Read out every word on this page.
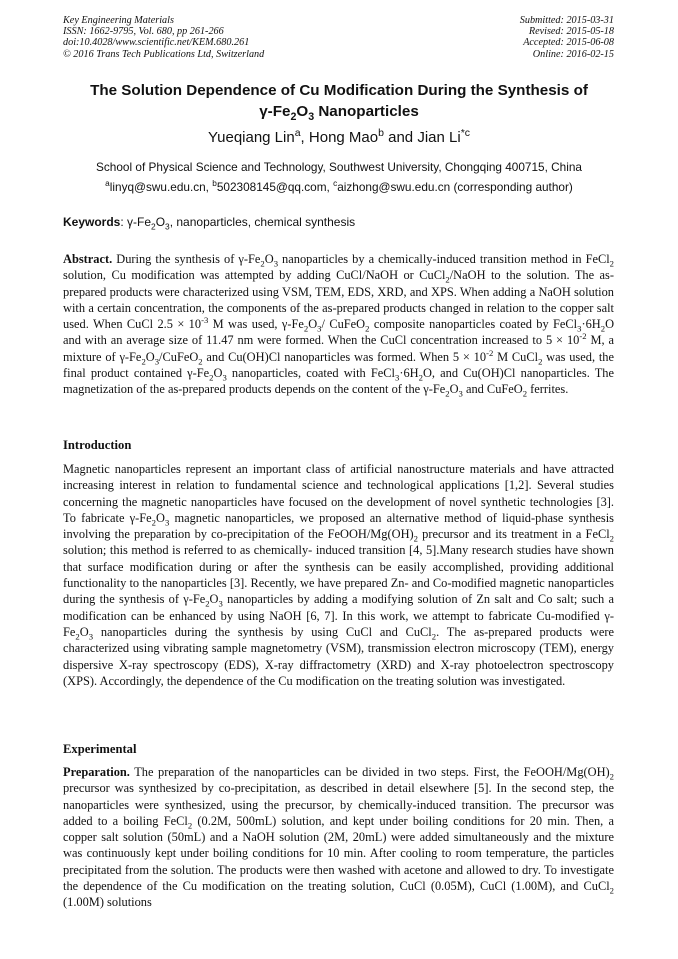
Key Engineering Materials
ISSN: 1662-9795, Vol. 680, pp 261-266
doi:10.4028/www.scientific.net/KEM.680.261
© 2016 Trans Tech Publications Ltd, Switzerland
Submitted: 2015-03-31
Revised: 2015-05-18
Accepted: 2015-06-08
Online: 2016-02-15
The Solution Dependence of Cu Modification During the Synthesis of
$\gamma-Fe_2O_3$ Nanoparticles
Yueqiang Lin$^a$, Hong Mao$^b$ and Jian Li$^{*c}$
School of Physical Science and Technology, Southwest University, Chongqing 400715, China
$^a$linyq@swu.edu.cn, $^b$502308145@qq.com, $^c$aizhong@swu.edu.cn (corresponding author)
Keywords: $\gamma-Fe_2O_3$, nanoparticles, chemical synthesis
Abstract. During the synthesis of $\gamma-Fe_2O_3$ nanoparticles by a chemically-induced transition method in FeCl$_2$ solution, Cu modification was attempted by adding CuCl/NaOH or CuCl$_2$/NaOH to the solution. The as-prepared products were characterized using VSM, TEM, EDS, XRD, and XPS. When adding a NaOH solution with a certain concentration, the components of the as-prepared products changed in relation to the copper salt used. When CuCl $2.5 \times 10^{-3}$ M was used, $\gamma-Fe_2O_3/$ CuFeO$_2$ composite nanoparticles coated by $FeCl_3\cdot 6H_2O$ and with an average size of 11.47 nm were formed. When the CuCl concentration increased to $5 \times 10^{-2}$ M, a mixture of $\gamma-Fe_2O_3/CuFeO_2$ and Cu(OH)Cl nanoparticles was formed. When $5 \times 10^{-2}$ M CuCl$_2$ was used, the final product contained $\gamma-Fe_2O_3$ nanoparticles, coated with $FeCl_3\cdot 6H_2O$, and Cu(OH)Cl nanoparticles. The magnetization of the as-prepared products depends on the content of the $\gamma-Fe_2O_3$ and CuFeO$_2$ ferrites.
Introduction
Magnetic nanoparticles represent an important class of artificial nanostructure materials and have attracted increasing interest in relation to fundamental science and technological applications [1,2]. Several studies concerning the magnetic nanoparticles have focused on the development of novel synthetic technologies [3]. To fabricate $\gamma-Fe_2O_3$ magnetic nanoparticles, we proposed an alternative method of liquid-phase synthesis involving the preparation by co-precipitation of the FeOOH/$Mg(OH)_2$ precursor and its treatment in a FeCl$_2$ solution; this method is referred to as chemically- induced transition [4, 5].Many research studies have shown that surface modification during or after the synthesis can be easily accomplished, providing additional functionality to the nanoparticles [3]. Recently, we have prepared Zn- and Co-modified magnetic nanoparticles during the synthesis of $\gamma-Fe_2O_3$ nanoparticles by adding a modifying solution of Zn salt and Co salt; such a modification can be enhanced by using NaOH [6, 7]. In this work, we attempt to fabricate Cu-modified $\gamma-Fe_2O_3$ nanoparticles during the synthesis by using CuCl and CuCl$_2$. The as-prepared products were characterized using vibrating sample magnetometry (VSM), transmission electron microscopy (TEM), energy dispersive X-ray spectroscopy (EDS), X-ray diffractometry (XRD) and X-ray photoelectron spectroscopy (XPS). Accordingly, the dependence of the Cu modification on the treating solution was investigated.
Experimental
Preparation. The preparation of the nanoparticles can be divided in two steps. First, the FeOOH/$Mg(OH)_2$ precursor was synthesized by co-precipitation, as described in detail elsewhere [5]. In the second step, the nanoparticles were synthesized, using the precursor, by chemically-induced transition. The precursor was added to a boiling FeCl$_2$ (0.2M, 500mL) solution, and kept under boiling conditions for 20 min. Then, a copper salt solution (50mL) and a NaOH solution (2M, 20mL) were added simultaneously and the mixture was continuously kept under boiling conditions for 10 min. After cooling to room temperature, the particles precipitated from the solution. The products were then washed with acetone and allowed to dry. To investigate the dependence of the Cu modification on the treating solution, CuCl (0.05M), CuCl (1.00M), and CuCl$_2$ (1.00M) solutions
